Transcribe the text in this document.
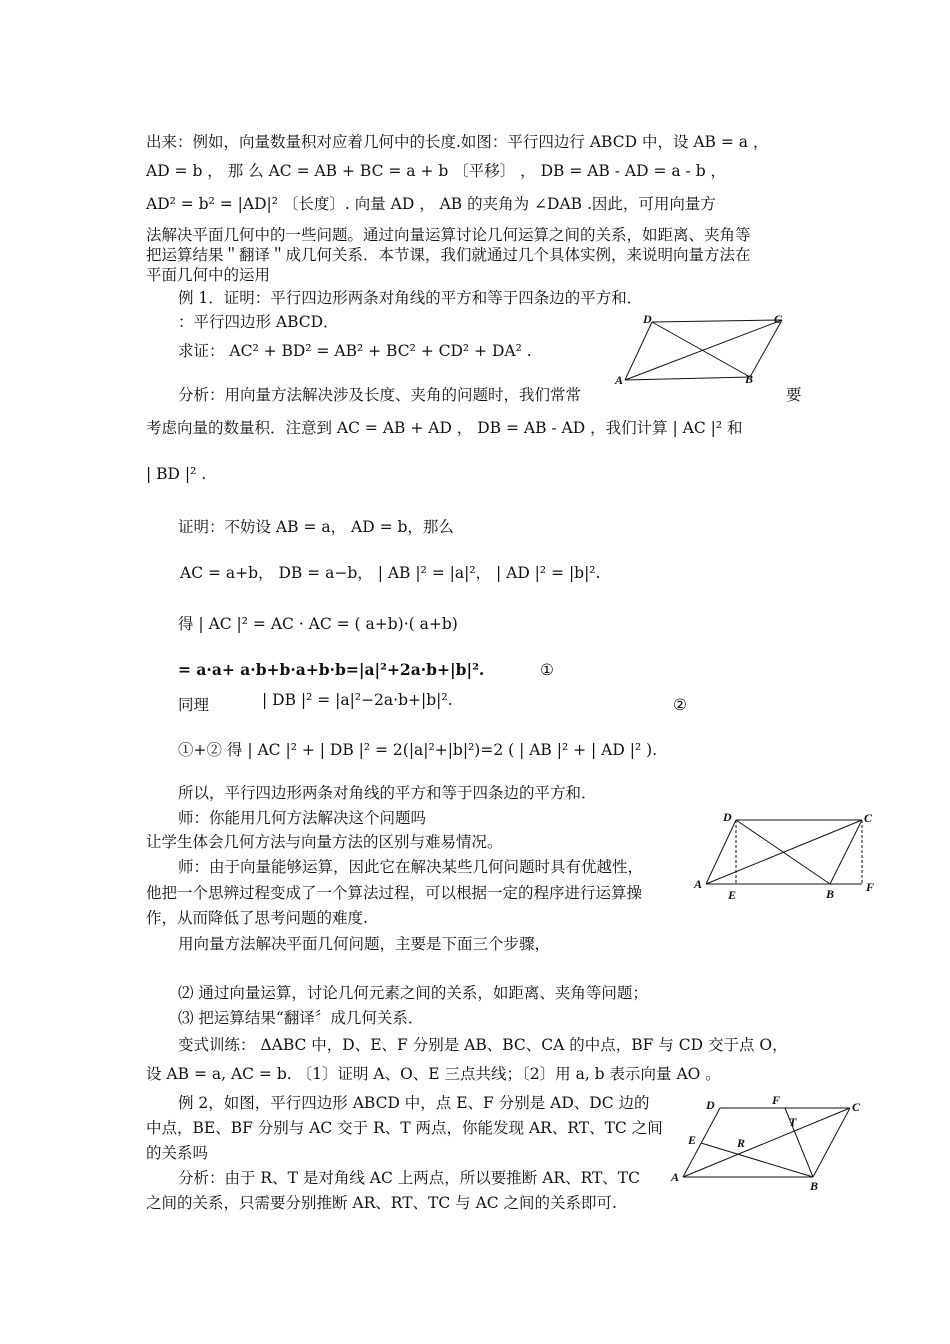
出来：例如，向量数量积对应着几何中的长度.如图：平行四边行 ABCD 中，设 AB = a ，
AD = b ， 那 么 AC = AB + BC = a + b 〔平移〕 ， DB = AB - AD = a - b ，
AD² = b² = |AD|² 〔长度〕. 向量 AD ， AB 的夹角为 ∠DAB .因此，可用向量方
法解决平面几何中的一些问题。通过向量运算讨论几何运算之间的关系，如距离、夹角等
把运算结果＂翻译＂成几何关系．本节课，我们就通过几个具体实例，来说明向量方法在
平面几何中的运用
例 1．证明：平行四边形两条对角线的平方和等于四条边的平方和．
：平行四边形 ABCD．
求证： AC² + BD² = AB² + BC² + CD² + DA² .
分析：用向量方法解决涉及长度、夹角的问题时，我们常常	要
考虑向量的数量积．注意到 AC = AB + AD ， DB = AB - AD ，我们计算 | AC |² 和
| BD |² .
证明：不妨设 AB = a， AD = b，那么
AC = a+b， DB = a−b， | AB |² = |a|²， | AD |² = |b|².
得 | AC |² = AC · AC = ( a+b)·( a+b)
= a·a+ a·b+b·a+b·b=|a|²+2a·b+|b|².	①
同理	| DB |² = |a|²−2a·b+|b|².	②
①+② 得 | AC |² + | DB |² = 2(|a|²+|b|²)=2 ( | AB |² + | AD |² ).
所以，平行四边形两条对角线的平方和等于四条边的平方和．
师：你能用几何方法解决这个问题吗
让学生体会几何方法与向量方法的区别与难易情况。
师：由于向量能够运算，因此它在解决某些几何问题时具有优越性，
他把一个思辨过程变成了一个算法过程，可以根据一定的程序进行运算操
作，从而降低了思考问题的难度.
用向量方法解决平面几何问题，主要是下面三个步骤，
⑵ 通过向量运算，讨论几何元素之间的关系，如距离、夹角等问题；
⑶ 把运算结果“翻译〞成几何关系．
变式训练： ΔABC 中，D、E、F 分别是 AB、BC、CA 的中点，BF 与 CD 交于点 O，
设 AB = a, AC = b. 〔1〕证明 A、O、E 三点共线；〔2〕用 a, b 表示向量 AO 。
例 2，如图，平行四边形 ABCD 中，点 E、F 分别是 AD、DC 边的
中点，BE、BF 分别与 AC 交于 R、T 两点，你能发现 AR、RT、TC 之间
的关系吗
分析：由于 R、T 是对角线 AC 上两点，所以要推断 AR、RT、TC
之间的关系，只需要分别推断 AR、RT、TC 与 AC 之间的关系即可.
A	B
C
D
A
B
C
D
E
F
A
B
C
D
E
F
R
T
